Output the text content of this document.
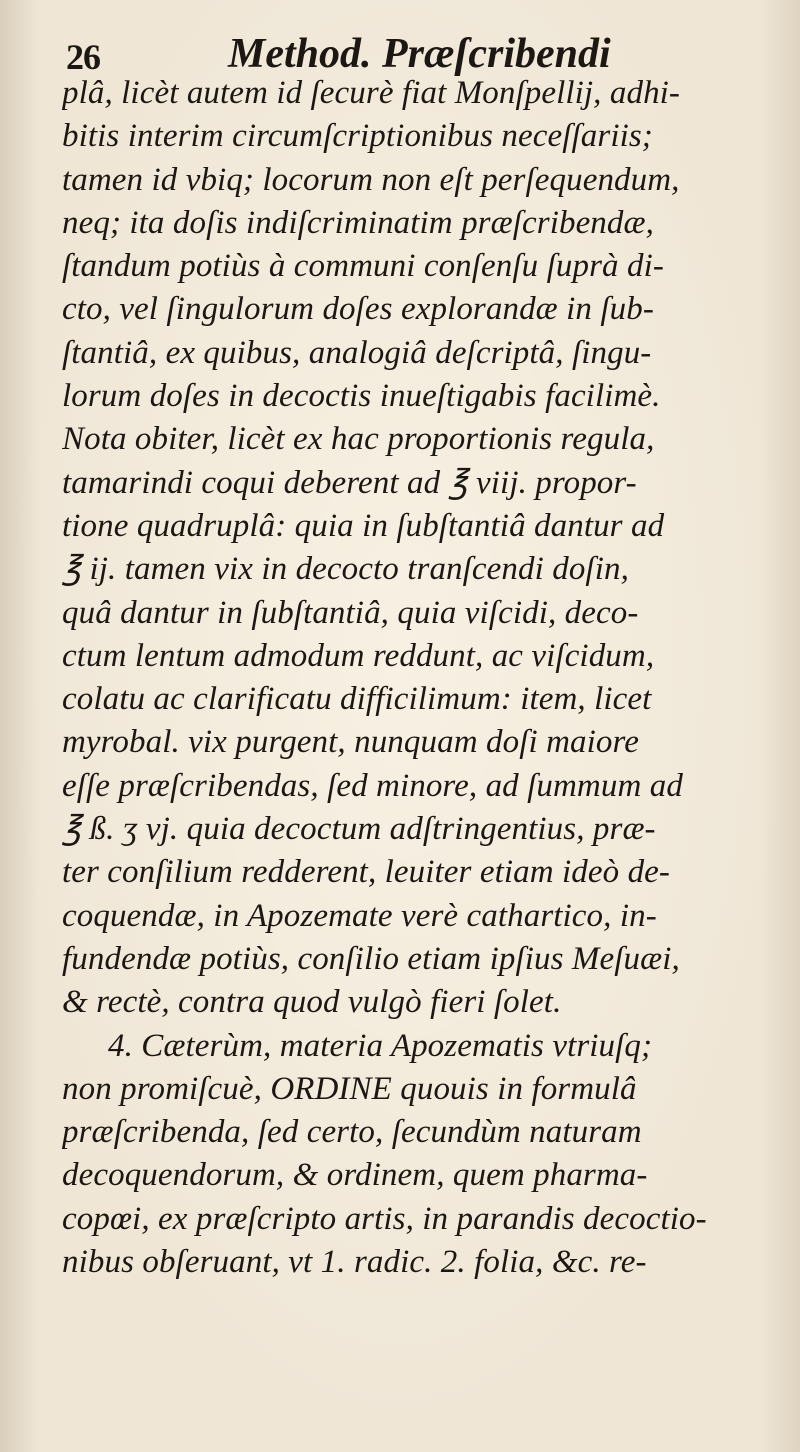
26	Method. Præſcribendi
plâ, licèt autem id ſecurè fiat Monſpellij, adhi-
bitis interim circumſcriptionibus neceſſariis;
tamen id vbiq; locorum non eſt perſequendum,
neq; ita doſis indiſcriminatim præſcribendæ,
ſtandum potiùs à communi conſenſu ſuprà di-
cto, vel ſingulorum doſes explorandæ in ſub-
ſtantiâ, ex quibus, analogiâ deſcriptâ, ſingu-
lorum doſes in decoctis inueſtigabis facilimè.
Nota obiter, licèt ex hac proportionis regula,
tamarindi coqui deberent ad ℥ viij. propor-
tione quadruplâ: quia in ſubſtantiâ dantur ad
℥ ij. tamen vix in decocto tranſcendi doſin,
quâ dantur in ſubſtantiâ, quia viſcidi, deco-
ctum lentum admodum reddunt, ac viſcidum,
colatu ac clarificatu difficilimum: item, licet
myrobal. vix purgent, nunquam doſi maiore
eſſe præſcribendas, ſed minore, ad ſummum ad
℥ ß. ʒ vj. quia decoctum adſtringentius, præ-
ter conſilium redderent, leuiter etiam ideò de-
coquendæ, in Apozemate verè cathartico, in-
fundendæ potiùs, conſilio etiam ipſius Meſuæi,
& rectè, contra quod vulgò fieri ſolet.
4. Cæterùm, materia Apozematis vtriuſq;
non promiſcuè, ORDINE quouis in formulâ
præſcribenda, ſed certo, ſecundùm naturam
decoquendorum, & ordinem, quem pharma-
copœi, ex præſcripto artis, in parandis decoctio-
nibus obſeruant, vt 1. radic. 2. folia, &c. re-
